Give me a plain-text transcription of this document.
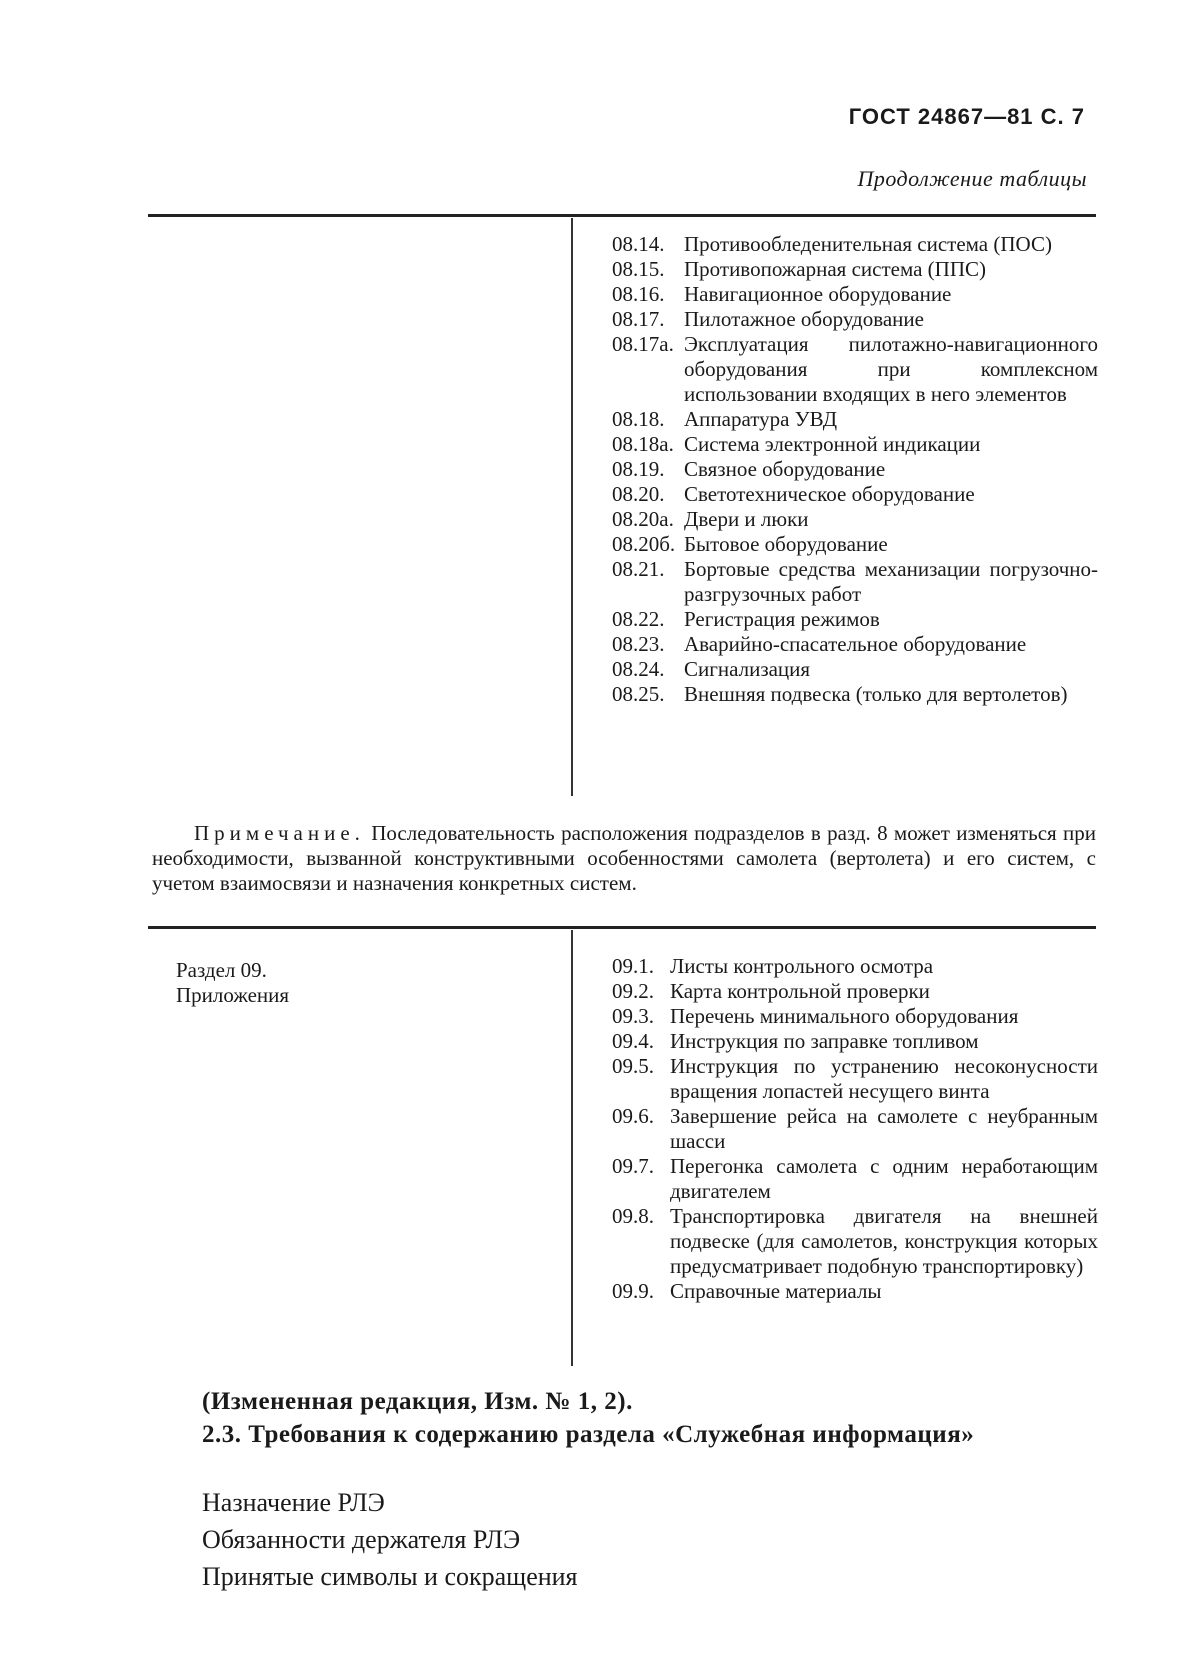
ГОСТ 24867—81 С. 7
Продолжение таблицы
08.14. Противообледенительная система (ПОС)
08.15. Противопожарная система (ППС)
08.16. Навигационное оборудование
08.17. Пилотажное оборудование
08.17а. Эксплуатация пилотажно-навигационного оборудования при комплексном использовании входящих в него элементов
08.18. Аппаратура УВД
08.18а. Система электронной индикации
08.19. Связное оборудование
08.20. Светотехническое оборудование
08.20а. Двери и люки
08.20б. Бытовое оборудование
08.21. Бортовые средства механизации погрузочно-разгрузочных работ
08.22. Регистрация режимов
08.23. Аварийно-спасательное оборудование
08.24. Сигнализация
08.25. Внешняя подвеска (только для вертолетов)

Примечание. Последовательность расположения подразделов в разд. 8 может изменяться при необходимости, вызванной конструктивными особенностями самолета (вертолета) и его систем, с учетом взаимосвязи и назначения конкретных систем.

Раздел 09.
Приложения
09.1. Листы контрольного осмотра
09.2. Карта контрольной проверки
09.3. Перечень минимального оборудования
09.4. Инструкция по заправке топливом
09.5. Инструкция по устранению несоконусности вращения лопастей несущего винта
09.6. Завершение рейса на самолете с неубранным шасси
09.7. Перегонка самолета с одним неработающим двигателем
09.8. Транспортировка двигателя на внешней подвеске (для самолетов, конструкция которых предусматривает подобную транспортировку)
09.9. Справочные материалы
(Измененная редакция, Изм. № 1, 2).

2.3. Требования к содержанию раздела «Служебная информация»

Назначение РЛЭ
Обязанности держателя РЛЭ
Принятые символы и сокращения
